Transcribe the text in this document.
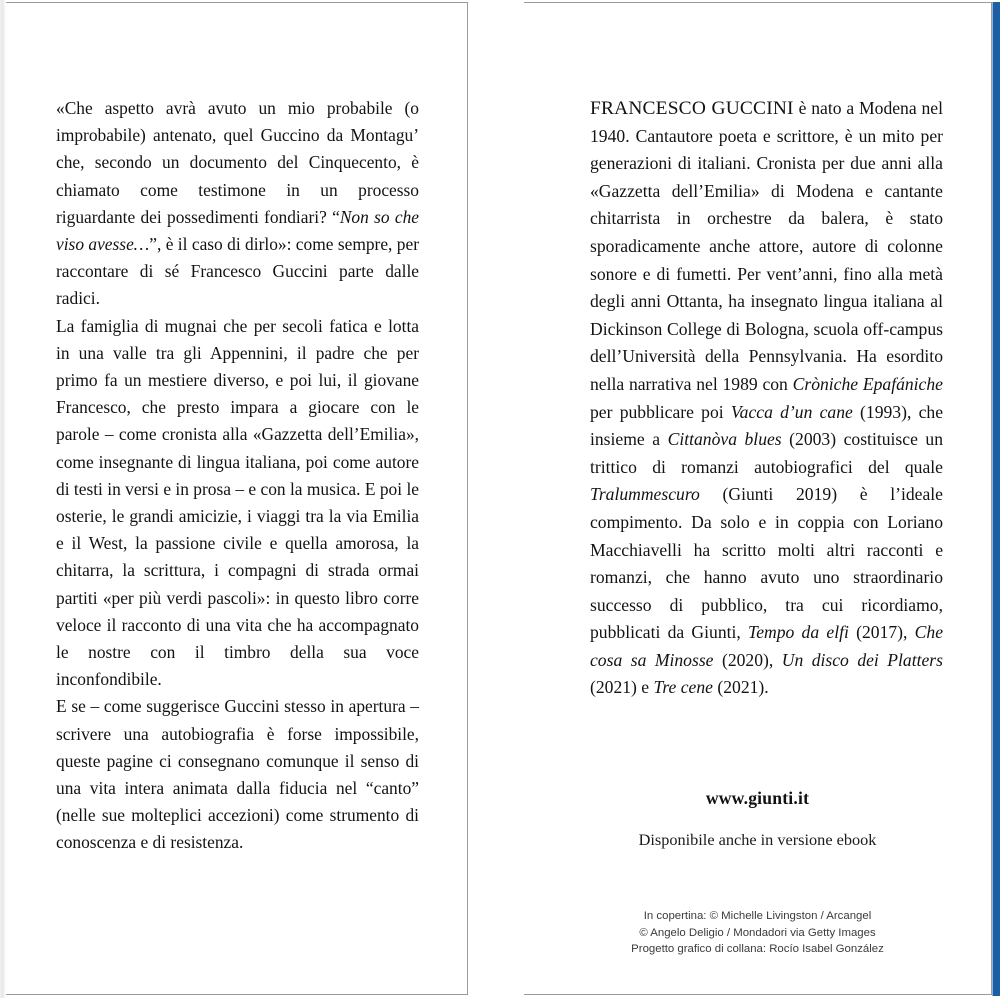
«Che aspetto avrà avuto un mio probabile (o improbabile) antenato, quel Guccino da Montagu’ che, secondo un documento del Cinquecento, è chiamato come testimone in un processo riguardante dei possedimenti fondiari? “Non so che viso avesse…”, è il caso di dirlo»: come sempre, per raccontare di sé Francesco Guccini parte dalle radici.

La famiglia di mugnai che per secoli fatica e lotta in una valle tra gli Appennini, il padre che per primo fa un mestiere diverso, e poi lui, il giovane Francesco, che presto impara a giocare con le parole – come cronista alla «Gazzetta dell’Emilia», come insegnante di lingua italiana, poi come autore di testi in versi e in prosa – e con la musica. E poi le osterie, le grandi amicizie, i viaggi tra la via Emilia e il West, la passione civile e quella amorosa, la chitarra, la scrittura, i compagni di strada ormai partiti «per più verdi pascoli»: in questo libro corre veloce il racconto di una vita che ha accompagnato le nostre con il timbro della sua voce inconfondibile.

E se – come suggerisce Guccini stesso in apertura – scrivere una autobiografia è forse impossibile, queste pagine ci consegnano comunque il senso di una vita intera animata dalla fiducia nel “canto” (nelle sue molteplici accezioni) come strumento di conoscenza e di resistenza.

FRANCESCO GUCCINI è nato a Modena nel 1940. Cantautore poeta e scrittore, è un mito per generazioni di italiani. Cronista per due anni alla «Gazzetta dell’Emilia» di Modena e cantante chitarrista in orchestre da balera, è stato sporadicamente anche attore, autore di colonne sonore e di fumetti. Per vent’anni, fino alla metà degli anni Ottanta, ha insegnato lingua italiana al Dickinson College di Bologna, scuola off-campus dell’Università della Pennsylvania. Ha esordito nella narrativa nel 1989 con Cròniche Epafániche per pubblicare poi Vacca d’un cane (1993), che insieme a Cittanòva blues (2003) costituisce un trittico di romanzi autobiografici del quale Tralummescuro (Giunti 2019) è l’ideale compimento. Da solo e in coppia con Loriano Macchiavelli ha scritto molti altri racconti e romanzi, che hanno avuto uno straordinario successo di pubblico, tra cui ricordiamo, pubblicati da Giunti, Tempo da elfi (2017), Che cosa sa Minosse (2020), Un disco dei Platters (2021) e Tre cene (2021).

www.giunti.it
Disponibile anche in versione ebook
In copertina: © Michelle Livingston / Arcangel
© Angelo Deligio / Mondadori via Getty Images
Progetto grafico di collana: Rocío Isabel González
